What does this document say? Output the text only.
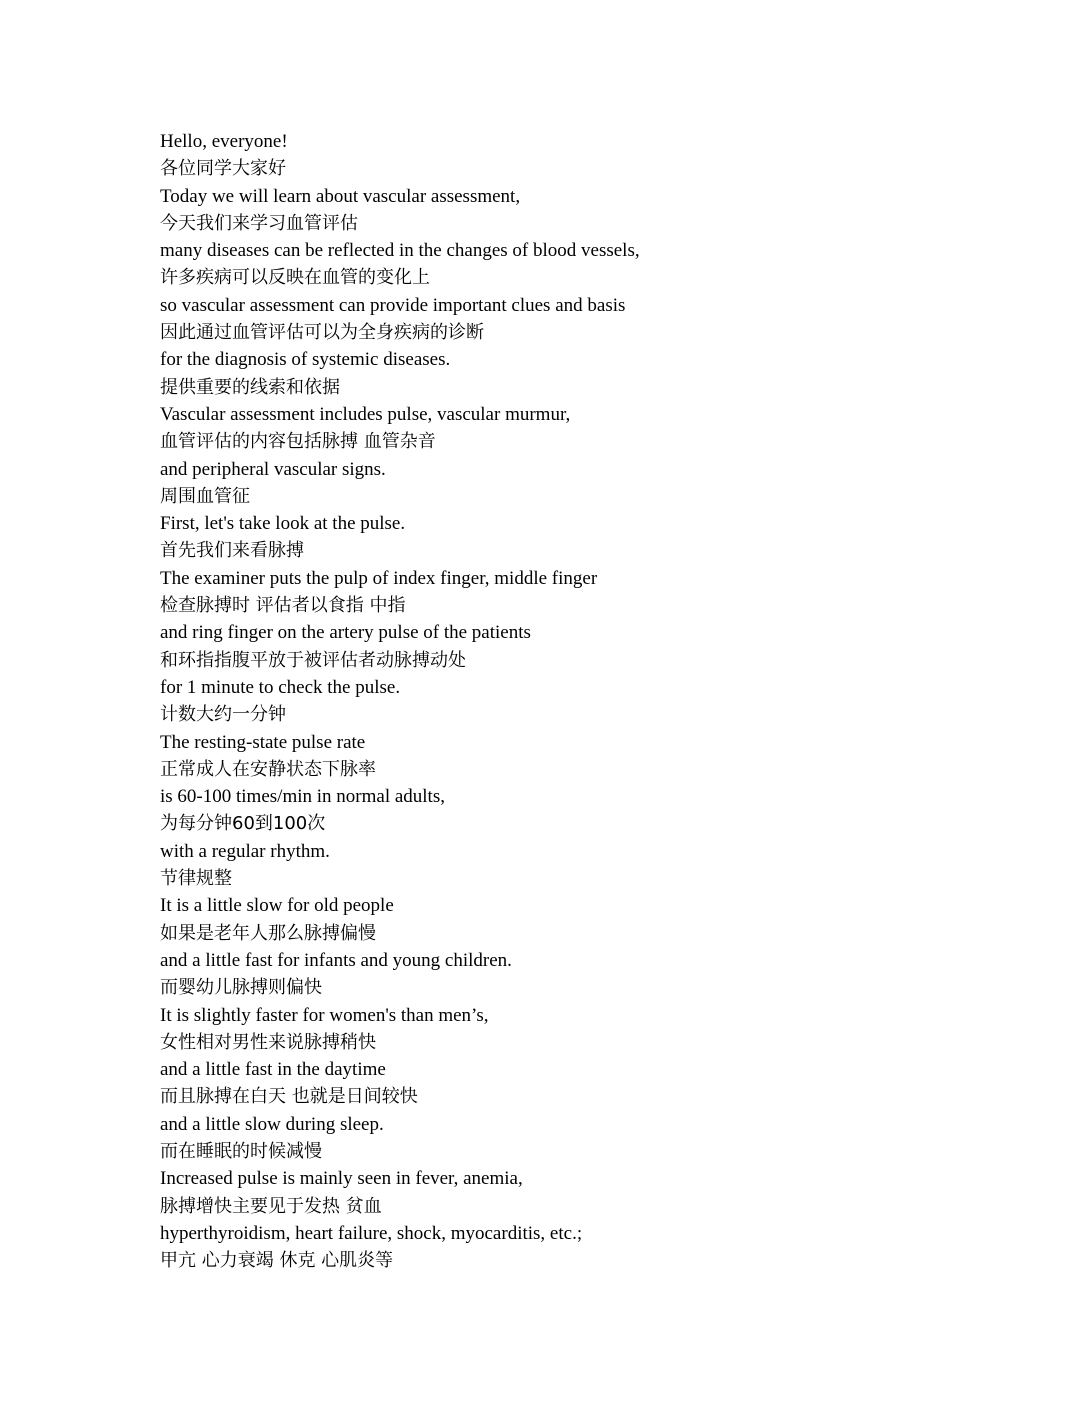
Hello, everyone!
各位同学大家好
Today we will learn about vascular assessment,
今天我们来学习血管评估
many diseases can be reflected in the changes of blood vessels,
许多疾病可以反映在血管的变化上
so vascular assessment can provide important clues and basis
因此通过血管评估可以为全身疾病的诊断
for the diagnosis of systemic diseases.
提供重要的线索和依据
Vascular assessment includes pulse, vascular murmur,
血管评估的内容包括脉搏 血管杂音
and peripheral vascular signs.
周围血管征
First, let's take look at the pulse.
首先我们来看脉搏
The examiner puts the pulp of index finger, middle finger
检查脉搏时 评估者以食指 中指
and ring finger on the artery pulse of the patients
和环指指腹平放于被评估者动脉搏动处
for 1 minute to check the pulse.
计数大约一分钟
The resting-state pulse rate
正常成人在安静状态下脉率
is 60-100 times/min in normal adults,
为每分钟60到100次
with a regular rhythm.
节律规整
It is a little slow for old people
如果是老年人那么脉搏偏慢
and a little fast for infants and young children.
而婴幼儿脉搏则偏快
It is slightly faster for women's than men’s,
女性相对男性来说脉搏稍快
and a little fast in the daytime
而且脉搏在白天 也就是日间较快
and a little slow during sleep.
而在睡眠的时候减慢
Increased pulse is mainly seen in fever, anemia,
脉搏增快主要见于发热 贫血
hyperthyroidism, heart failure, shock, myocarditis, etc.;
甲亢 心力衰竭 休克 心肌炎等
